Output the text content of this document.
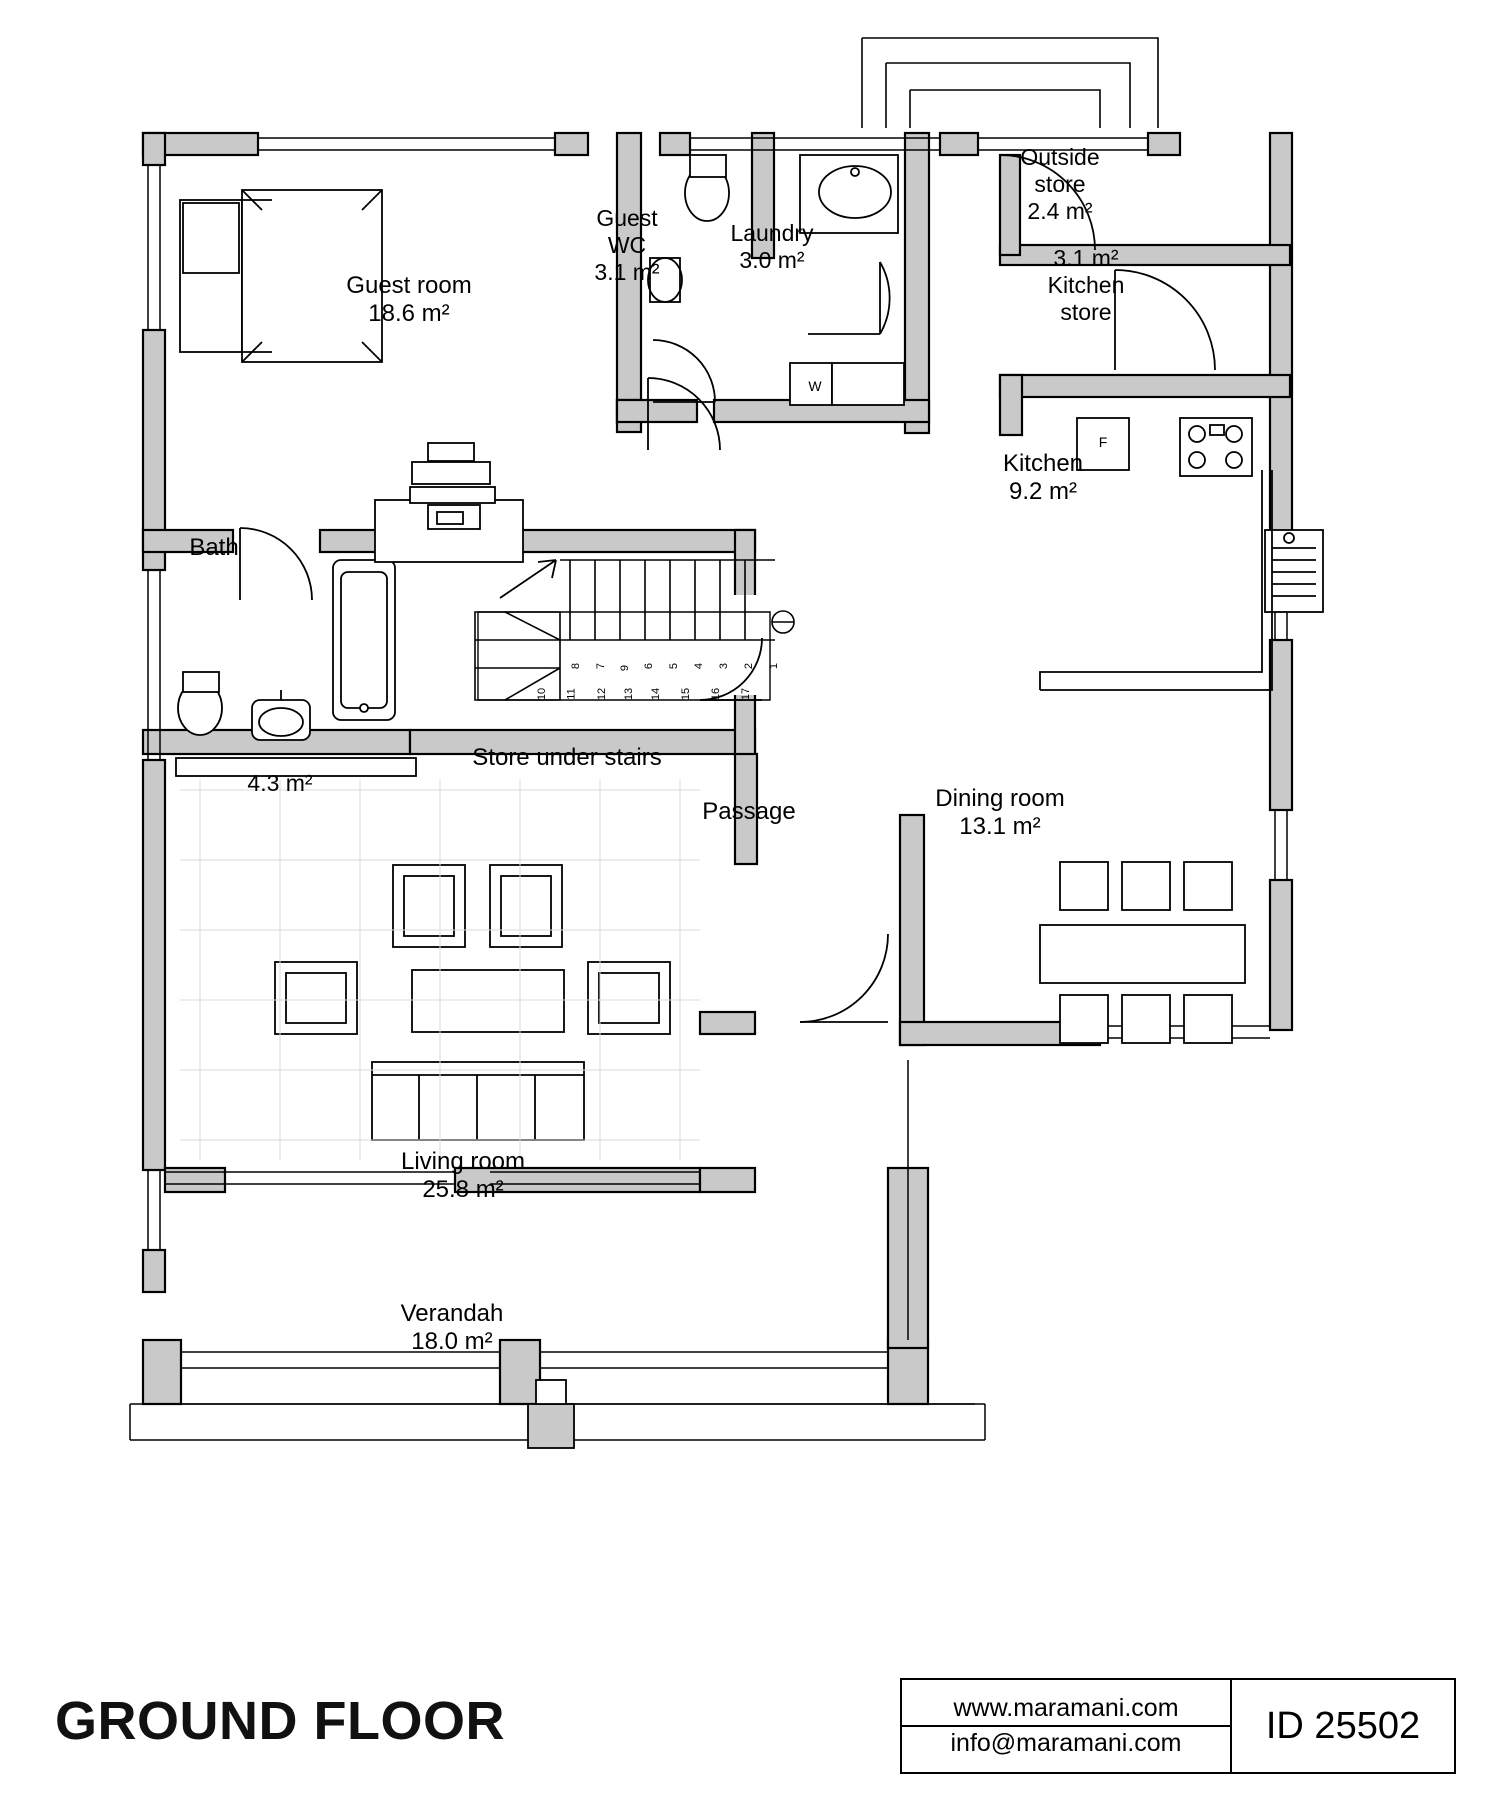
Guest room
18.6 m²
Guest
WC
3.1 m²
Laundry
3.0 m²
Outside
store
2.4 m²
3.1 m²
Kitchen
store
Kitchen
9.2 m²
Bath
4.3 m²
Store under stairs
Passage	Dining room
13.1 m²
Living room
25.8 m²
Verandah
18.0 m²
W
F
1
2
3
4
5
6
7
8	9
10 11 12 13 14 15 16 17
GROUND FLOOR	www.maramani.com
info@maramani.com	ID 25502
